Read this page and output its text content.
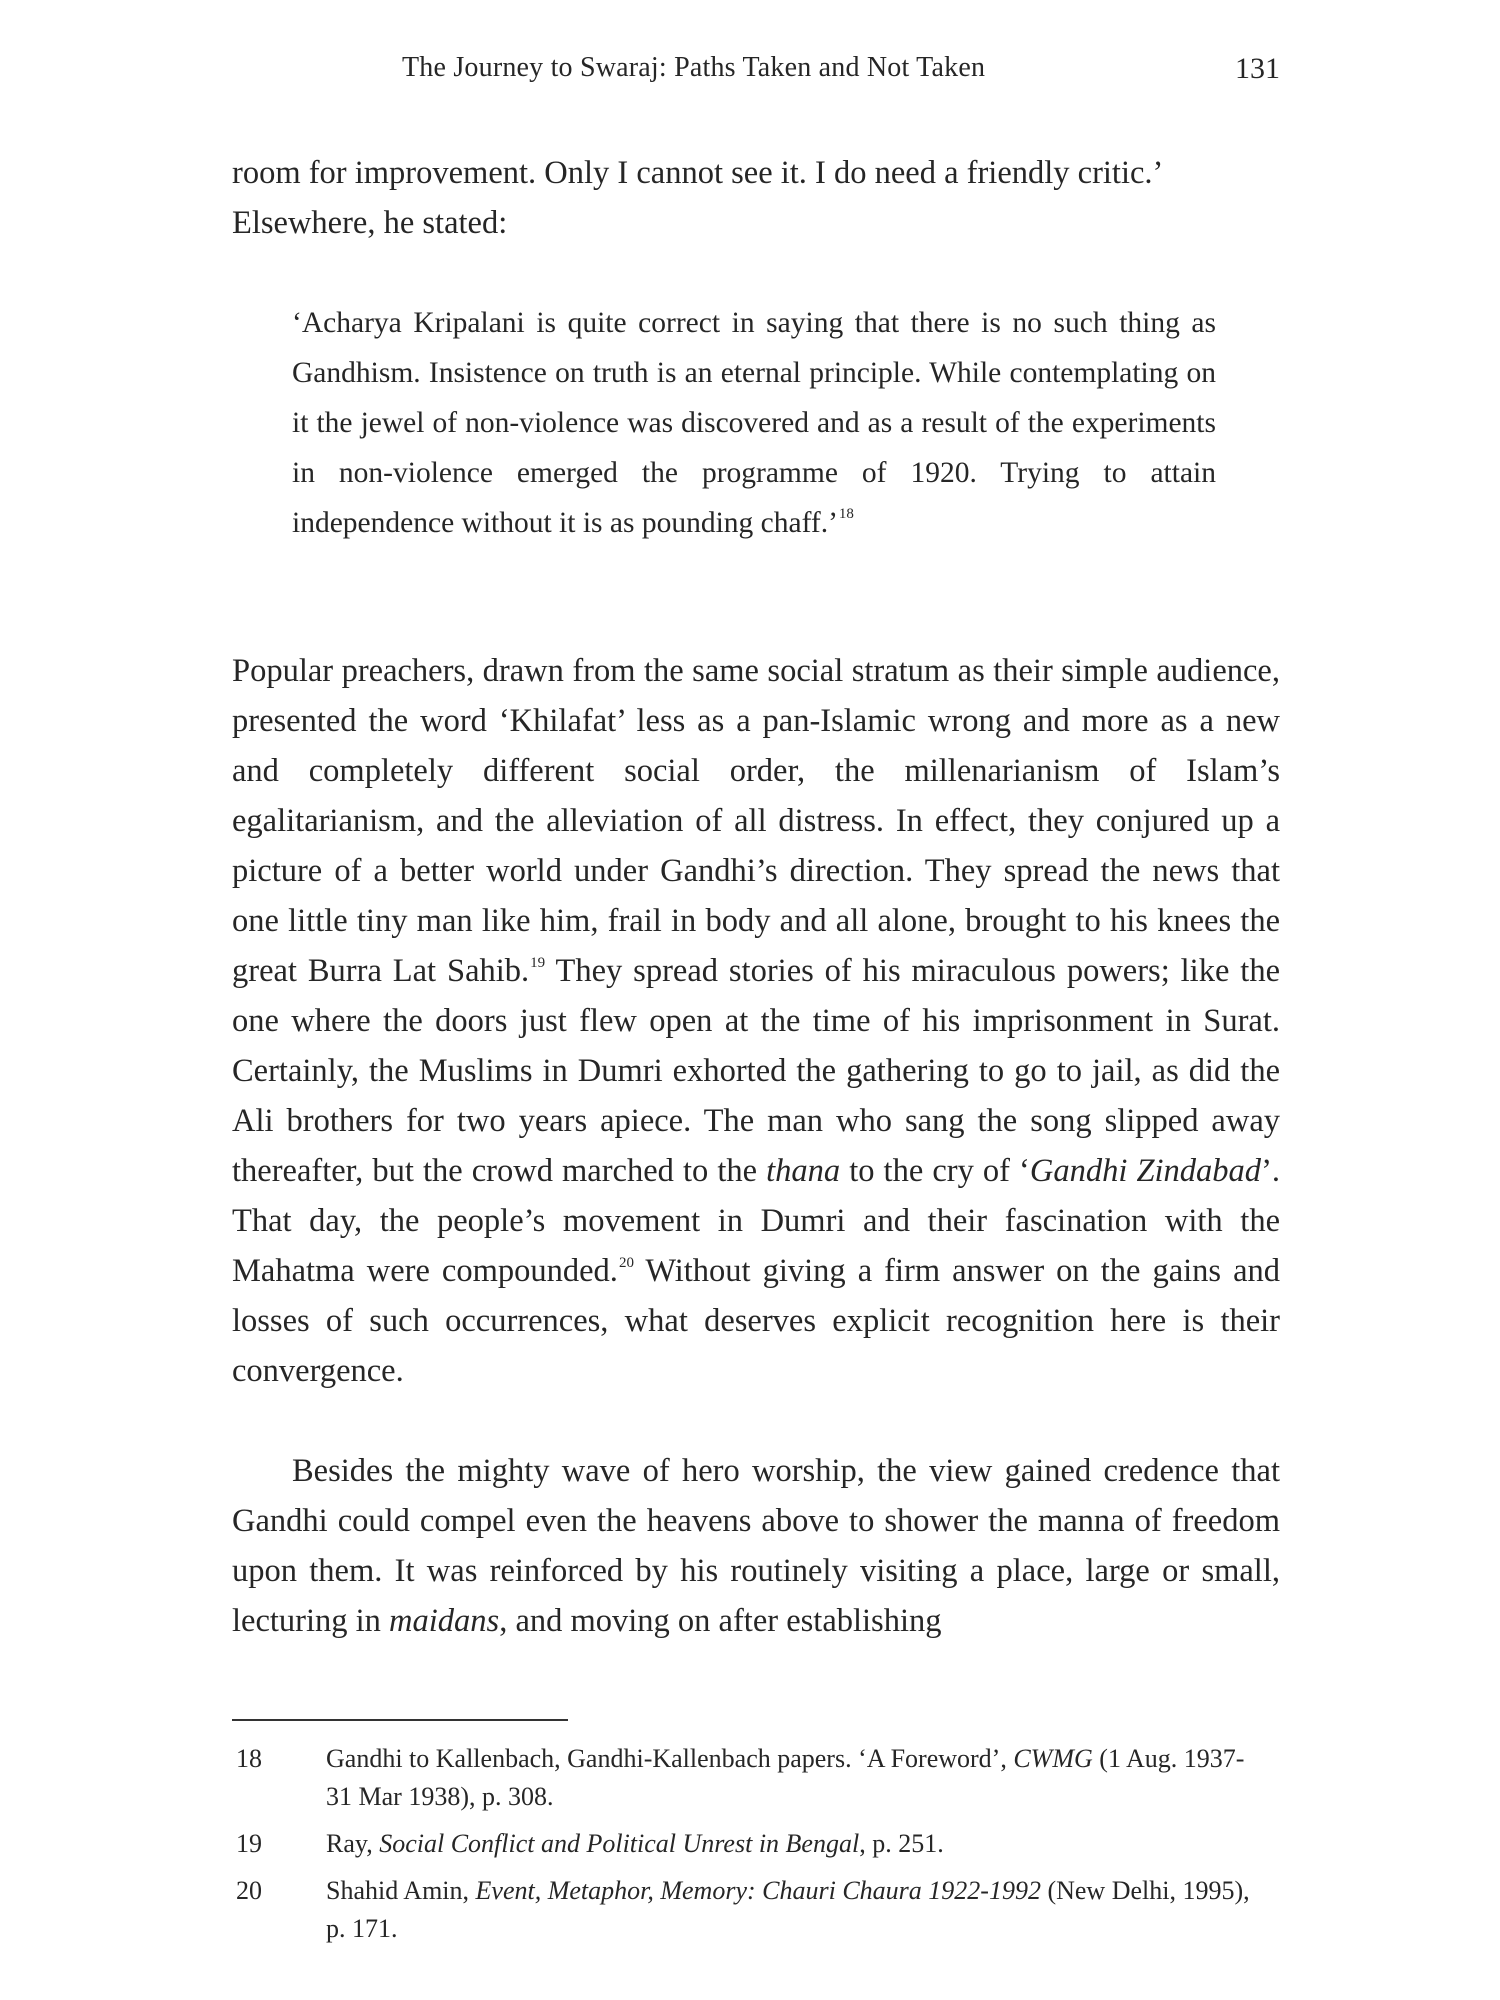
The Journey to Swaraj: Paths Taken and Not Taken	131

room for improvement. Only I cannot see it. I do need a friendly critic.’
Elsewhere, he stated:

‘Acharya Kripalani is quite correct in saying that there is no such thing as Gandhism. Insistence on truth is an eternal principle. While contemplating on it the jewel of non-violence was discovered and as a result of the experiments in non-violence emerged the programme of 1920. Trying to attain independence without it is as pounding chaff.’$^{18}$

Popular preachers, drawn from the same social stratum as their simple audience, presented the word ‘Khilafat’ less as a pan-Islamic wrong and more as a new and completely different social order, the millenarianism of Islam’s egalitarianism, and the alleviation of all distress. In effect, they conjured up a picture of a better world under Gandhi’s direction. They spread the news that one little tiny man like him, frail in body and all alone, brought to his knees the great Burra Lat Sahib.$^{19}$ They spread stories of his miraculous powers; like the one where the doors just flew open at the time of his imprisonment in Surat. Certainly, the Muslims in Dumri exhorted the gathering to go to jail, as did the Ali brothers for two years apiece. The man who sang the song slipped away thereafter, but the crowd marched to the thana to the cry of ‘Gandhi Zindabad’. That day, the people’s movement in Dumri and their fascination with the Mahatma were compounded.$^{20}$ Without giving a firm answer on the gains and losses of such occurrences, what deserves explicit recognition here is their convergence.

Besides the mighty wave of hero worship, the view gained credence that Gandhi could compel even the heavens above to shower the manna of freedom upon them. It was reinforced by his routinely visiting a place, large or small, lecturing in maidans, and moving on after establishing

18 Gandhi to Kallenbach, Gandhi-Kallenbach papers. ‘A Foreword’, CWMG (1 Aug. 1937-31 Mar 1938), p. 308.
19 Ray, Social Conflict and Political Unrest in Bengal, p. 251.
20 Shahid Amin, Event, Metaphor, Memory: Chauri Chaura 1922-1992 (New Delhi, 1995), p. 171.
